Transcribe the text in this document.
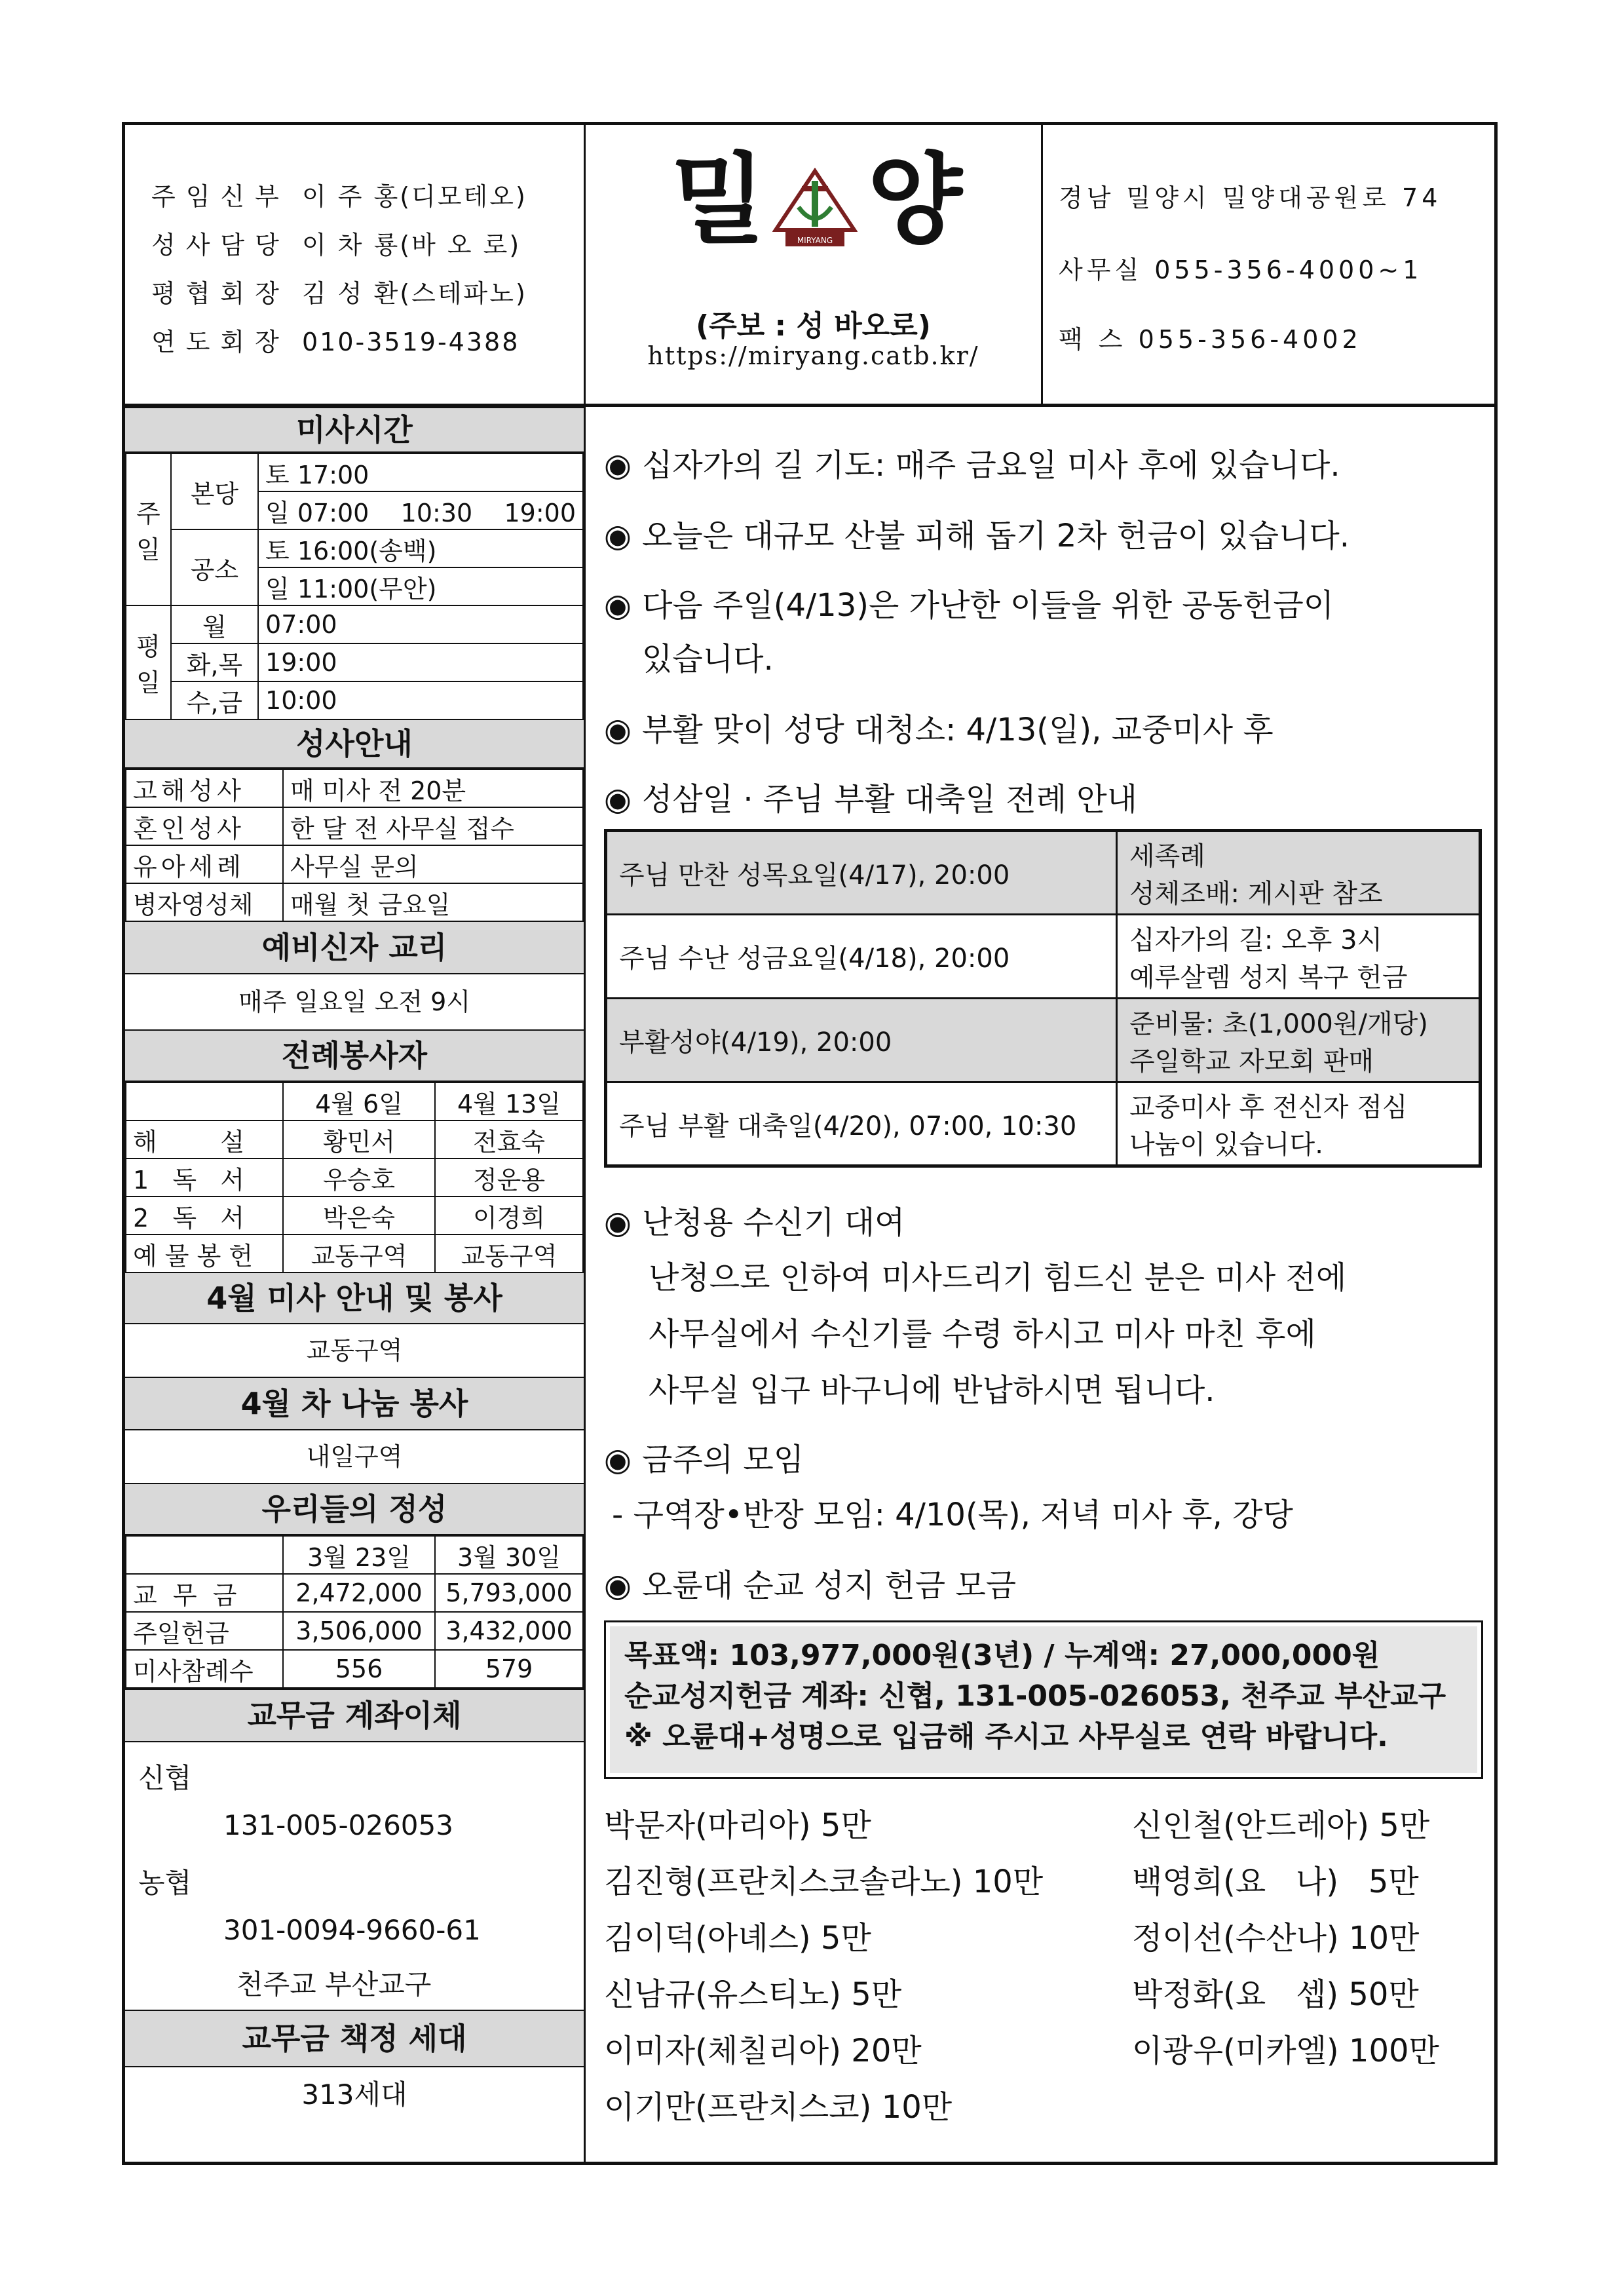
주임신부 이 주 홍(디모테오)
성사담당 이 차 룡(바 오 로)
평협회장 김 성 환(스테파노)
연도회장 010-3519-4388
밀	MIRYANG 양
(주보 : 성 바오로)
https://miryang.catb.kr/
경남 밀양시 밀양대공원로 74
사무실 055-356-4000~1
팩 스 055-356-4002
미사시간
주일	본당	토 17:00
		일 07:00    10:30    19:00
	공소	토 16:00(송백)
		일 11:00(무안)
평일	월	07:00
	화,목	19:00
	수,금	10:00
성사안내
고해성사	매 미사 전 20분
혼인성사	한 달 전 사무실 접수
유아세례	사무실 문의
병자영성체	매월 첫 금요일
예비신자 교리
매주 일요일 오전 9시
전례봉사자
	4월 6일	4월 13일
해        설	황민서	전효숙
1   독   서	우승호	정운용
2   독   서	박은숙	이경희
예 물 봉 헌	교동구역	교동구역
4월 미사 안내 및 봉사
교동구역
4월 차 나눔 봉사
내일구역
우리들의 정성
	3월 23일	3월 30일
교  무  금	2,472,000	5,793,000
주일헌금	3,506,000	3,432,000
미사참례수	556	579
교무금 계좌이체
신협
131-005-026053
농협
301-0094-9660-61
천주교 부산교구
교무금 책정 세대
313세대
◉ 십자가의 길 기도: 매주 금요일 미사 후에 있습니다.
◉ 오늘은 대규모 산불 피해 돕기 2차 헌금이 있습니다.
◉ 다음 주일(4/13)은 가난한 이들을 위한 공동헌금이
있습니다.
◉ 부활 맞이 성당 대청소: 4/13(일), 교중미사 후
◉ 성삼일 · 주님 부활 대축일 전례 안내
주님 만찬 성목요일(4/17), 20:00	세족례
성체조배: 게시판 참조

주님 수난 성금요일(4/18), 20:00	십자가의 길: 오후 3시
예루살렘 성지 복구 헌금

부활성야(4/19), 20:00	준비물: 초(1,000원/개당)
주일학교 자모회 판매

주님 부활 대축일(4/20), 07:00, 10:30	교중미사 후 전신자 점심
나눔이 있습니다.
◉ 난청용 수신기 대여
난청으로 인하여 미사드리기 힘드신 분은 미사 전에
사무실에서 수신기를 수령 하시고 미사 마친 후에
사무실 입구 바구니에 반납하시면 됩니다.
◉ 금주의 모임
- 구역장•반장 모임: 4/10(목), 저녁 미사 후, 강당
◉ 오륜대 순교 성지 헌금 모금
목표액: 103,977,000원(3년) / 누계액: 27,000,000원
순교성지헌금 계좌: 신협, 131-005-026053, 천주교 부산교구
※ 오륜대+성명으로 입금해 주시고 사무실로 연락 바랍니다.
박문자(마리아) 5만
김진형(프란치스코솔라노) 10만
김이덕(아녜스) 5만
신남규(유스티노) 5만
이미자(체칠리아) 20만
이기만(프란치스코) 10만
신인철(안드레아) 5만
백영희(요   나)   5만
정이선(수산나) 10만
박정화(요   셉) 50만
이광우(미카엘) 100만
